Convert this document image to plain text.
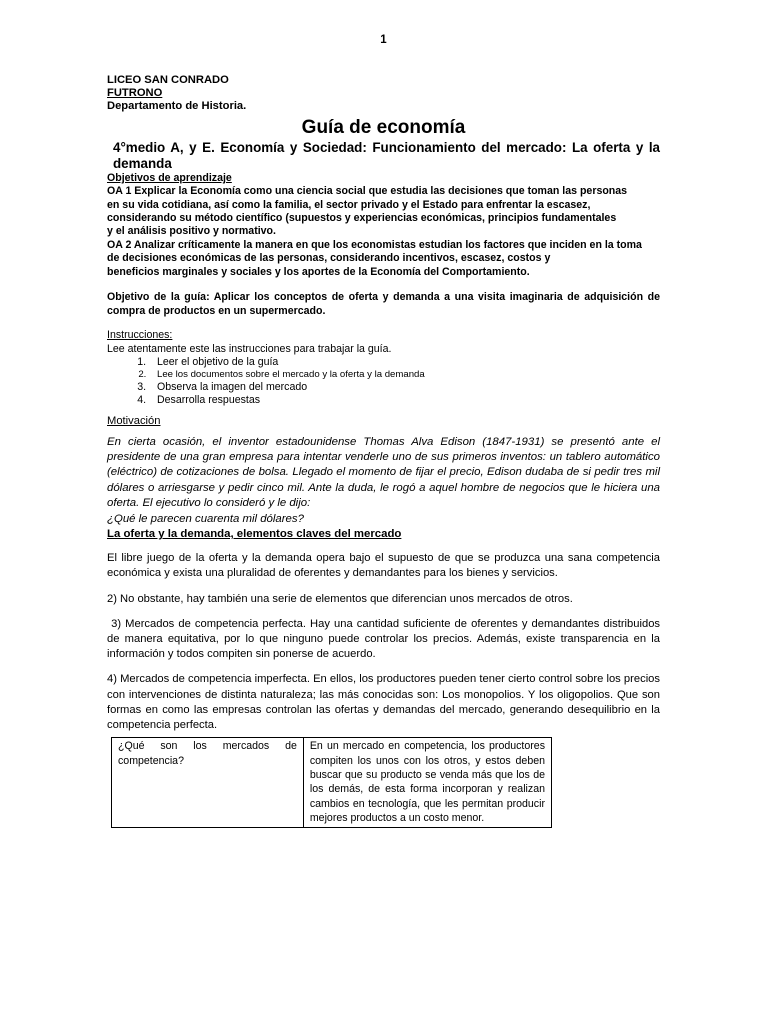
1
LICEO SAN CONRADO
FUTRONO
Departamento de Historia.
Guía de economía
4°medio A, y E. Economía y Sociedad: Funcionamiento del mercado: La oferta y la demanda
Objetivos de aprendizaje
OA 1 Explicar la Economía como una ciencia social que estudia las decisiones que toman las personas
en su vida cotidiana, así como la familia, el sector privado y el Estado para enfrentar la escasez,
considerando su método científico (supuestos y experiencias económicas, principios fundamentales
y el análisis positivo y normativo.
OA 2 Analizar críticamente la manera en que los economistas estudian los factores que inciden en la toma
de decisiones económicas de las personas, considerando incentivos, escasez, costos y
beneficios marginales y sociales y los aportes de la Economía del Comportamiento.
Objetivo de la guía: Aplicar los conceptos de oferta y demanda a una visita imaginaria de adquisición de compra de productos en un supermercado.
Instrucciones:
Lee atentamente este las instrucciones para trabajar la guía.
1. Leer el objetivo de la guía
2. Lee los documentos sobre el mercado y la oferta y la demanda
3. Observa la imagen del mercado
4. Desarrolla respuestas
Motivación
En cierta ocasión, el inventor estadounidense Thomas Alva Edison (1847-1931) se presentó ante el presidente de una gran empresa para intentar venderle uno de sus primeros inventos: un tablero automático (eléctrico) de cotizaciones de bolsa. Llegado el momento de fijar el precio, Edison dudaba de si pedir tres mil dólares o arriesgarse y pedir cinco mil. Ante la duda, le rogó a aquel hombre de negocios que le hiciera una oferta. El ejecutivo lo consideró y le dijo:
¿Qué le parecen cuarenta mil dólares?
La oferta y la demanda, elementos claves del mercado
El libre juego de la oferta y la demanda opera bajo el supuesto de que se produzca una sana competencia económica y exista una pluralidad de oferentes y demandantes para los bienes y servicios.
2) No obstante, hay también una serie de elementos que diferencian unos mercados de otros.
3) Mercados de competencia perfecta. Hay una cantidad suficiente de oferentes y demandantes distribuidos de manera equitativa, por lo que ninguno puede controlar los precios. Además, existe transparencia en la información y todos compiten sin ponerse de acuerdo.
4) Mercados de competencia imperfecta. En ellos, los productores pueden tener cierto control sobre los precios con intervenciones de distinta naturaleza; las más conocidas son: Los monopolios. Y los oligopolios. Que son formas en como las empresas controlan las ofertas y demandas del mercado, generando desequilibrio en la competencia perfecta.
¿Qué son los mercados de competencia?	En un mercado en competencia, los productores compiten los unos con los otros, y estos deben buscar que su producto se venda más que los de los demás, de esta forma incorporan y realizan cambios en tecnología, que les permitan producir mejores productos a un costo menor.
